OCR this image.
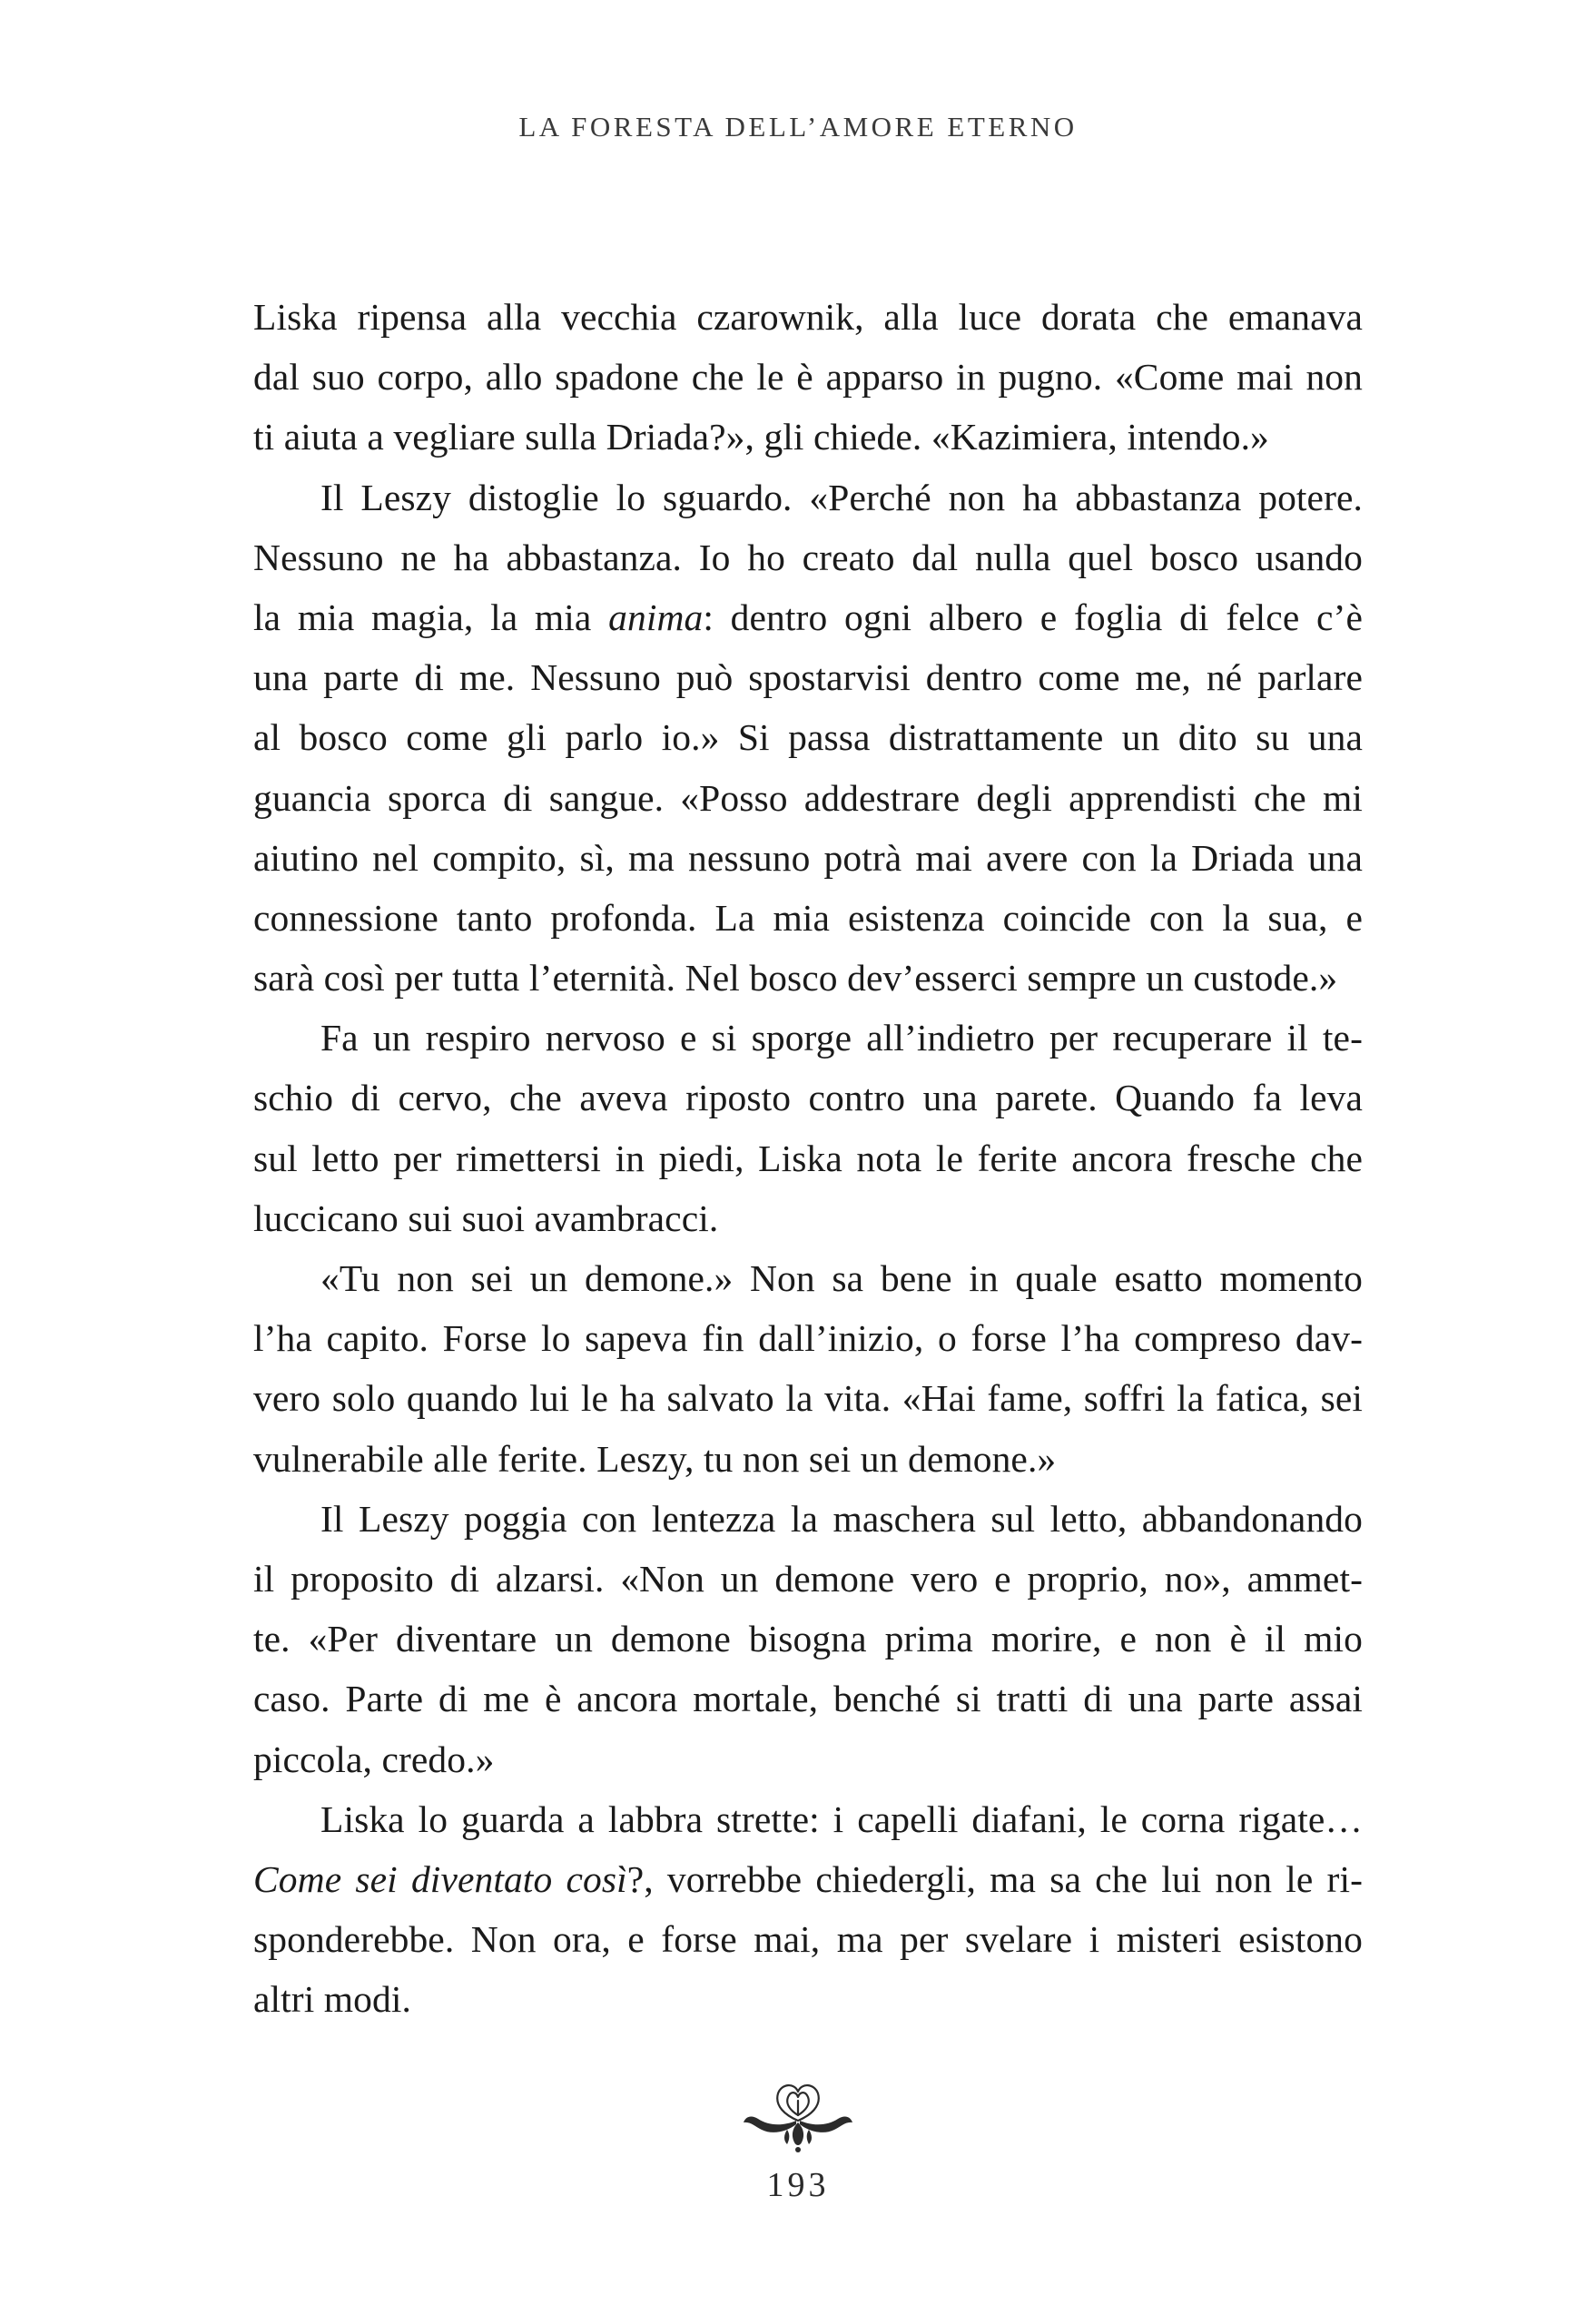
LA FORESTA DELL’AMORE ETERNO
Liska ripensa alla vecchia czarownik, alla luce dorata che emanava
dal suo corpo, allo spadone che le è apparso in pugno. «Come mai non
ti aiuta a vegliare sulla Driada?», gli chiede. «Kazimiera, intendo.»
Il Leszy distoglie lo sguardo. «Perché non ha abbastanza potere.
Nessuno ne ha abbastanza. Io ho creato dal nulla quel bosco usando
la mia magia, la mia anima: dentro ogni albero e foglia di felce c’è
una parte di me. Nessuno può spostarvisi dentro come me, né parlare
al bosco come gli parlo io.» Si passa distrattamente un dito su una
guancia sporca di sangue. «Posso addestrare degli apprendisti che mi
aiutino nel compito, sì, ma nessuno potrà mai avere con la Driada una
connessione tanto profonda. La mia esistenza coincide con la sua, e
sarà così per tutta l’eternità. Nel bosco dev’esserci sempre un custode.»
Fa un respiro nervoso e si sporge all’indietro per recuperare il te-
schio di cervo, che aveva riposto contro una parete. Quando fa leva
sul letto per rimettersi in piedi, Liska nota le ferite ancora fresche che
luccicano sui suoi avambracci.
«Tu non sei un demone.» Non sa bene in quale esatto momento
l’ha capito. Forse lo sapeva fin dall’inizio, o forse l’ha compreso dav-
vero solo quando lui le ha salvato la vita. «Hai fame, soffri la fatica, sei
vulnerabile alle ferite. Leszy, tu non sei un demone.»
Il Leszy poggia con lentezza la maschera sul letto, abbandonando
il proposito di alzarsi. «Non un demone vero e proprio, no», ammet-
te. «Per diventare un demone bisogna prima morire, e non è il mio
caso. Parte di me è ancora mortale, benché si tratti di una parte assai
piccola, credo.»
Liska lo guarda a labbra strette: i capelli diafani, le corna rigate…
Come sei diventato così?, vorrebbe chiedergli, ma sa che lui non le ri-
sponderebbe. Non ora, e forse mai, ma per svelare i misteri esistono
altri modi.
193
